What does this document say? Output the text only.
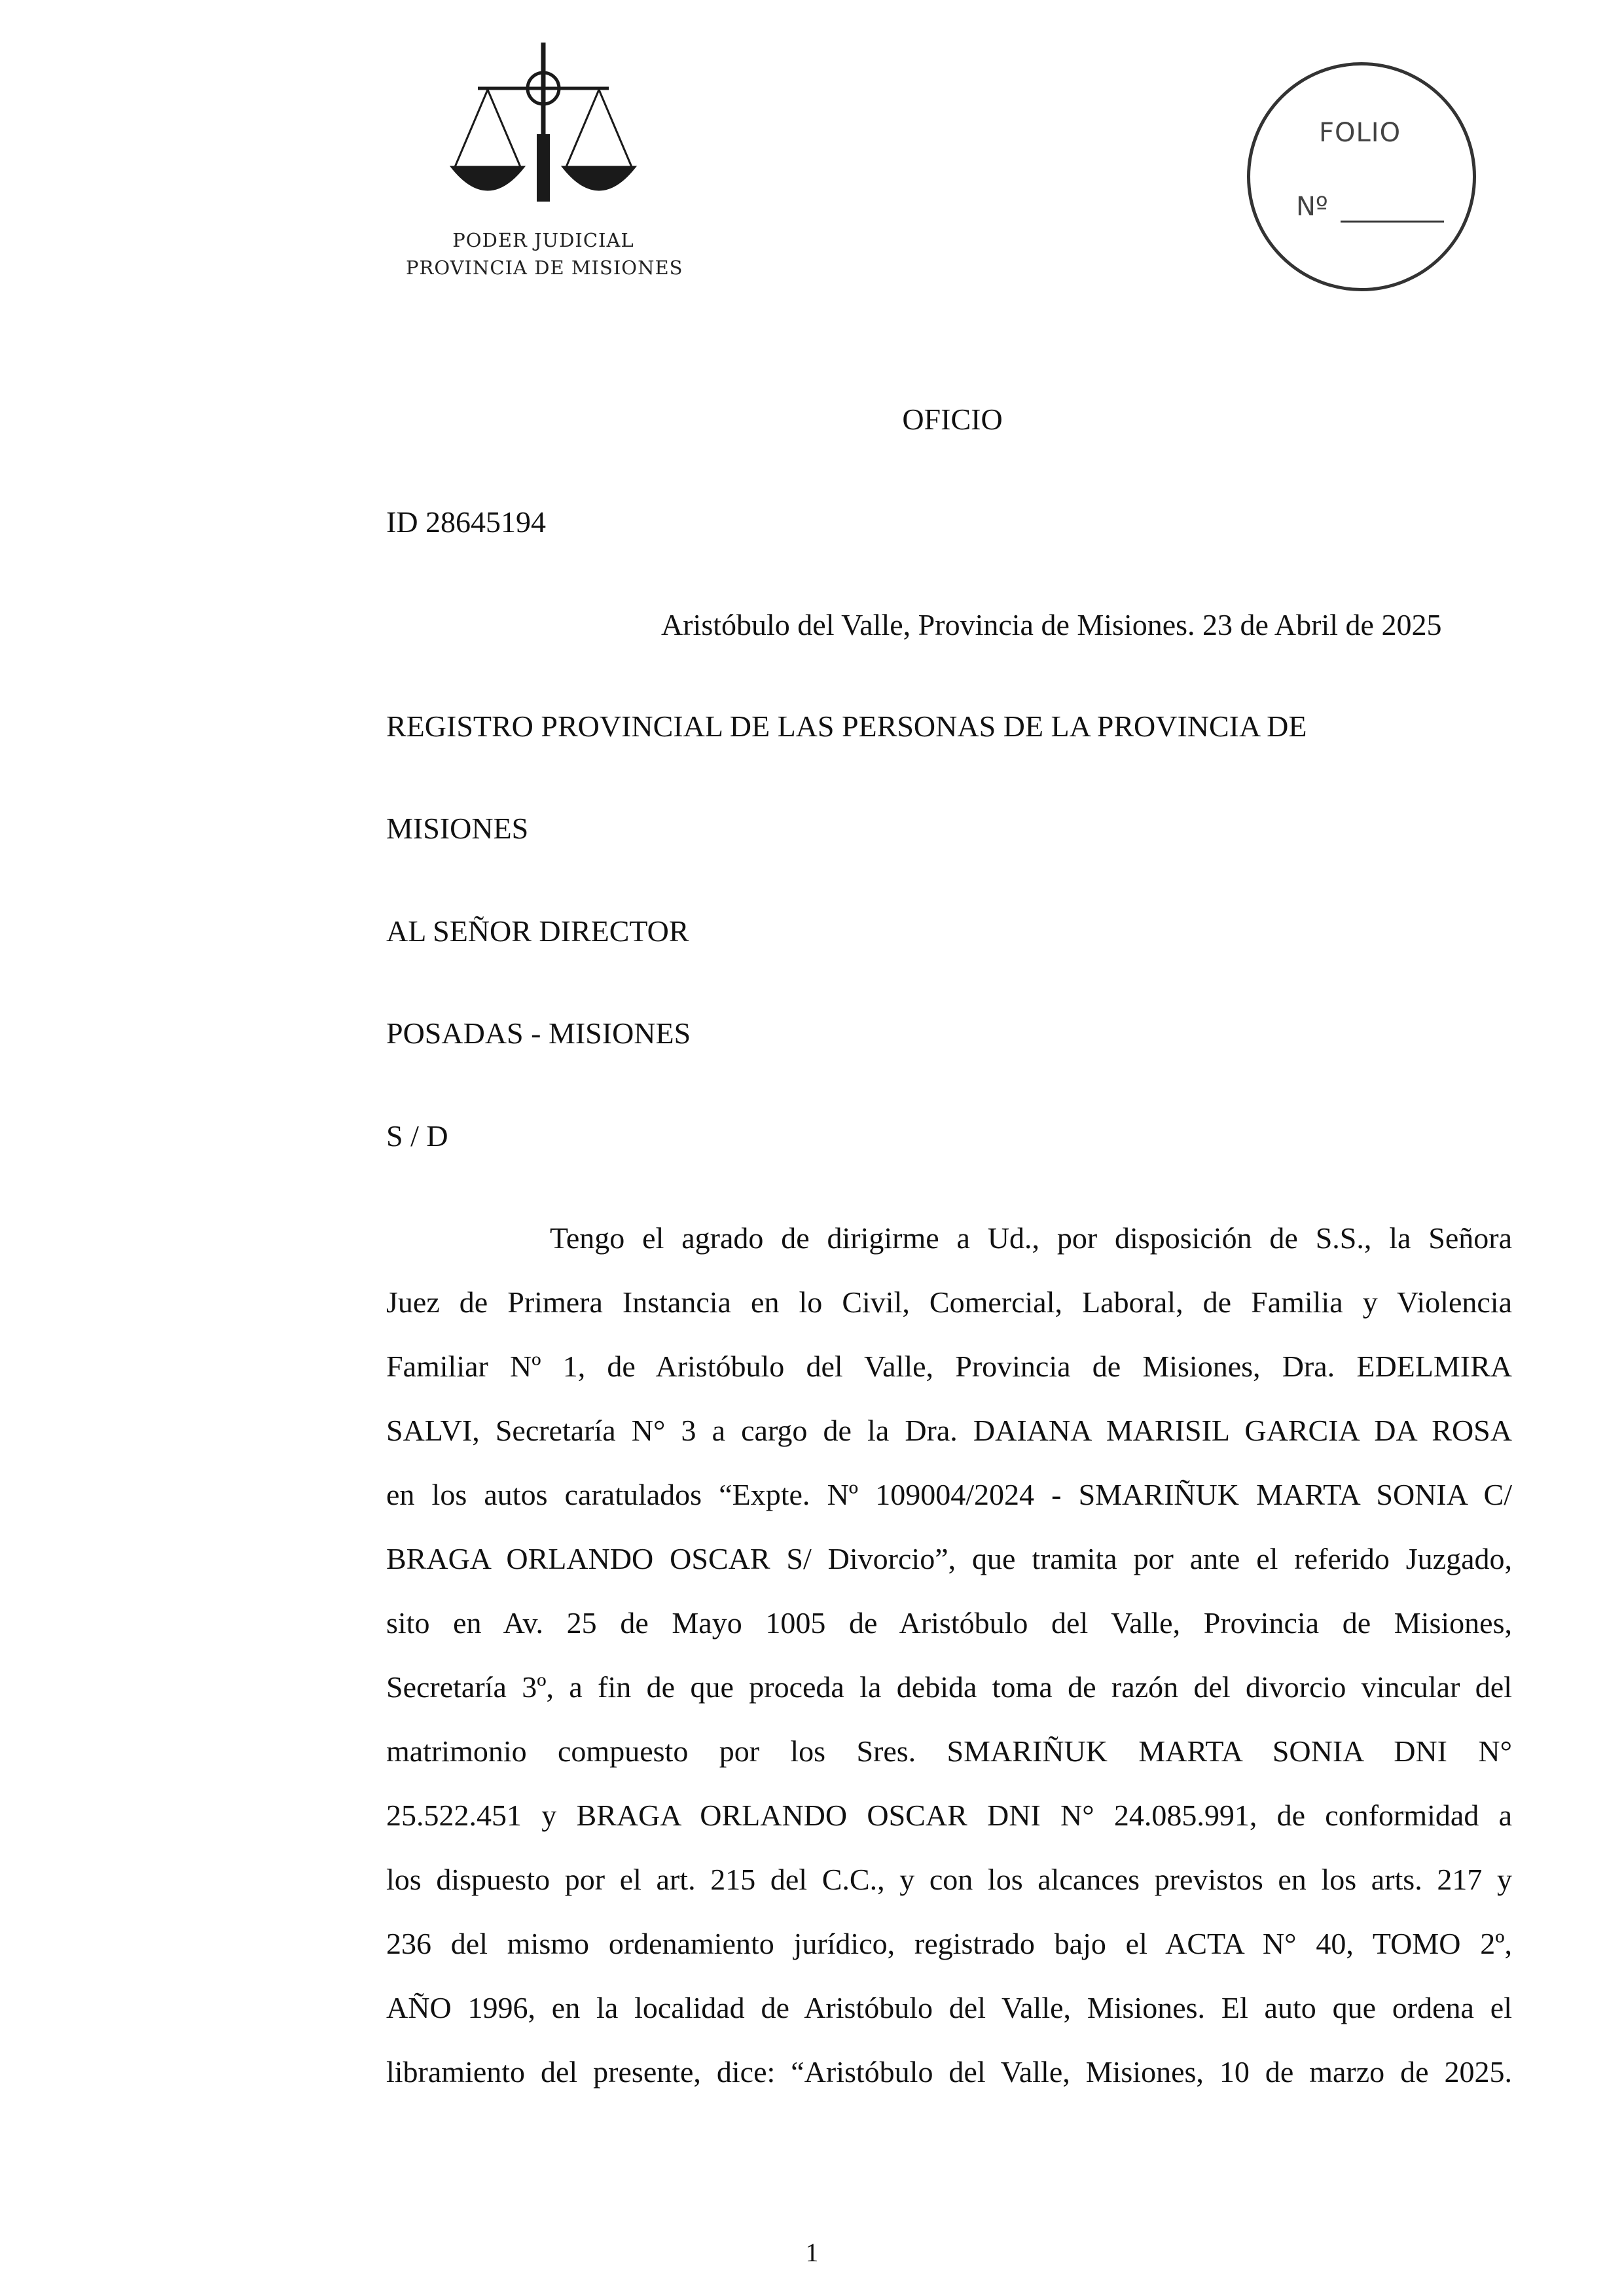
PODER JUDICIAL
PROVINCIA DE MISIONES
FOLIO
Nº
OFICIO
ID 28645194
Aristóbulo del Valle, Provincia de Misiones. 23 de Abril de 2025
REGISTRO PROVINCIAL DE LAS PERSONAS DE LA PROVINCIA DE
MISIONES
AL SEÑOR DIRECTOR
POSADAS - MISIONES
S / D
Tengo el agrado de dirigirme a Ud., por disposición de S.S., la Señora
Juez de Primera Instancia en lo Civil, Comercial, Laboral, de Familia y Violencia
Familiar Nº 1, de Aristóbulo del Valle, Provincia de Misiones, Dra. EDELMIRA
SALVI, Secretaría N° 3 a cargo de la Dra. DAIANA MARISIL GARCIA DA ROSA
en los autos caratulados “Expte. Nº 109004/2024 - SMARIÑUK MARTA SONIA C/
BRAGA ORLANDO OSCAR S/ Divorcio”, que tramita por ante el referido Juzgado,
sito en Av. 25 de Mayo 1005 de Aristóbulo del Valle, Provincia de Misiones,
Secretaría 3º, a fin de que proceda la debida toma de razón del divorcio vincular del
matrimonio compuesto por los Sres. SMARIÑUK MARTA SONIA DNI N°
25.522.451 y BRAGA ORLANDO OSCAR DNI N° 24.085.991, de conformidad a
los dispuesto por el art. 215 del C.C., y con los alcances previstos en los arts. 217 y
236 del mismo ordenamiento jurídico, registrado bajo el ACTA N° 40, TOMO 2º,
AÑO 1996, en la localidad de Aristóbulo del Valle, Misiones. El auto que ordena el
libramiento del presente, dice: “Aristóbulo del Valle, Misiones, 10 de marzo de 2025.
1
